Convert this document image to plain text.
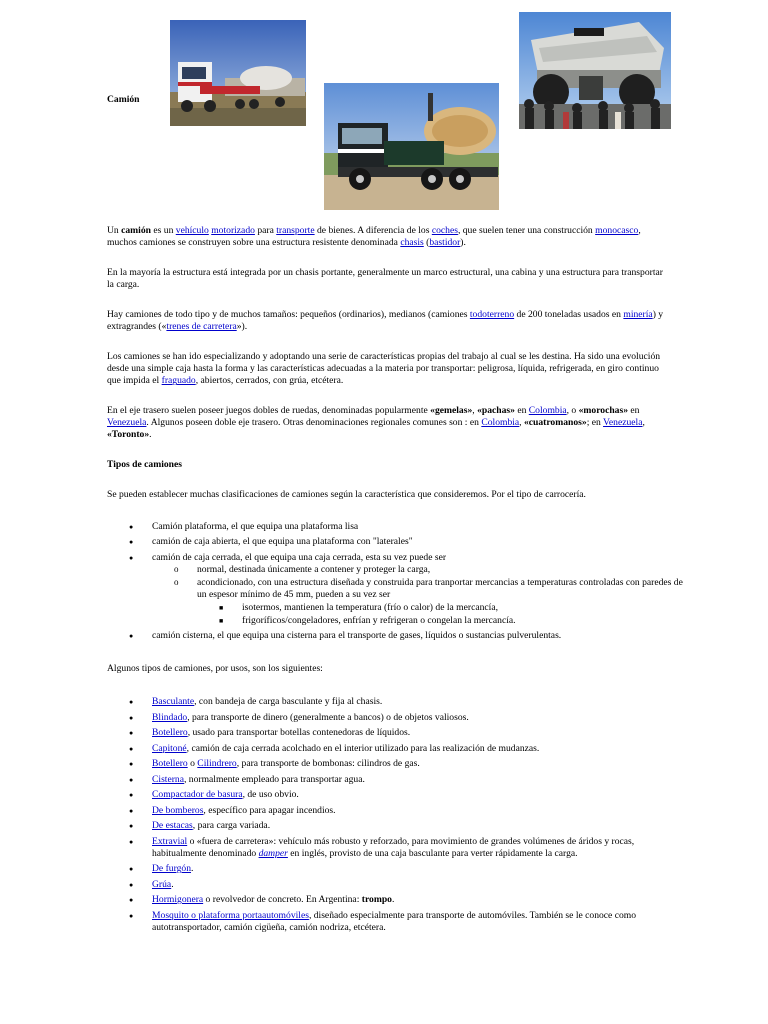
Camión

Un camión es un vehículo motorizado para transporte de bienes. A diferencia de los coches, que suelen tener una construcción monocasco, muchos camiones se construyen sobre una estructura resistente denominada chasis (bastidor).

En la mayoría la estructura está integrada por un chasis portante, generalmente un marco estructural, una cabina y una estructura para transportar la carga.

Hay camiones de todo tipo y de muchos tamaños: pequeños (ordinarios), medianos (camiones todoterreno de 200 toneladas usados en minería) y extragrandes («trenes de carretera»).

Los camiones se han ido especializando y adoptando una serie de características propias del trabajo al cual se les destina. Ha sido una evolución desde una simple caja hasta la forma y las características adecuadas a la materia por transportar: peligrosa, líquida, refrigerada, en giro continuo que impida el fraguado, abiertos, cerrados, con grúa, etcétera.

En el eje trasero suelen poseer juegos dobles de ruedas, denominadas popularmente «gemelas», «pachas» en Colombia, o «morochas» en Venezuela. Algunos poseen doble eje trasero. Otras denominaciones regionales comunes son : en Colombia, «cuatromanos»; en Venezuela, «Toronto».

Tipos de camiones

Se pueden establecer muchas clasificaciones de camiones según la característica que consideremos. Por el tipo de carrocería.

● Camión plataforma, el que equipa una plataforma lisa
● camión de caja abierta, el que equipa una plataforma con "laterales"
● camión de caja cerrada, el que equipa una caja cerrada, esta su vez puede ser
o normal, destinada únicamente a contener y proteger la carga,
o acondicionado, con una estructura diseñada y construida para tranportar mercancias a temperaturas controladas con paredes de un espesor mínimo de 45 mm, pueden a su vez ser
■ isotermos, mantienen la temperatura (frío o calor) de la mercancía,
■ frigoríficos/congeladores, enfrían y refrigeran o congelan la mercancía.
● camión cisterna, el que equipa una cisterna para el transporte de gases, líquidos o sustancias pulverulentas.

Algunos tipos de camiones, por usos, son los siguientes:

● Basculante, con bandeja de carga basculante y fija al chasis.
● Blindado, para transporte de dinero (generalmente a bancos) o de objetos valiosos.
● Botellero, usado para transportar botellas contenedoras de líquidos.
● Capitoné, camión de caja cerrada acolchado en el interior utilizado para las realización de mudanzas.
● Botellero o Cilindrero, para transporte de bombonas: cilindros de gas.
● Cisterna, normalmente empleado para transportar agua.
● Compactador de basura, de uso obvio.
● De bomberos, específico para apagar incendios.
● De estacas, para carga variada.
● Extravial o «fuera de carretera»: vehículo más robusto y reforzado, para movimiento de grandes volúmenes de áridos y rocas, habitualmente denominado damper en inglés, provisto de una caja basculante para verter rápidamente la carga.
● De furgón.
● Grúa.
● Hormigonera o revolvedor de concreto. En Argentina: trompo.
● Mosquito o plataforma portaautomóviles, diseñado especialmente para transporte de automóviles. También se le conoce como autotransportador, camión cigüeña, camión nodriza, etcétera.
